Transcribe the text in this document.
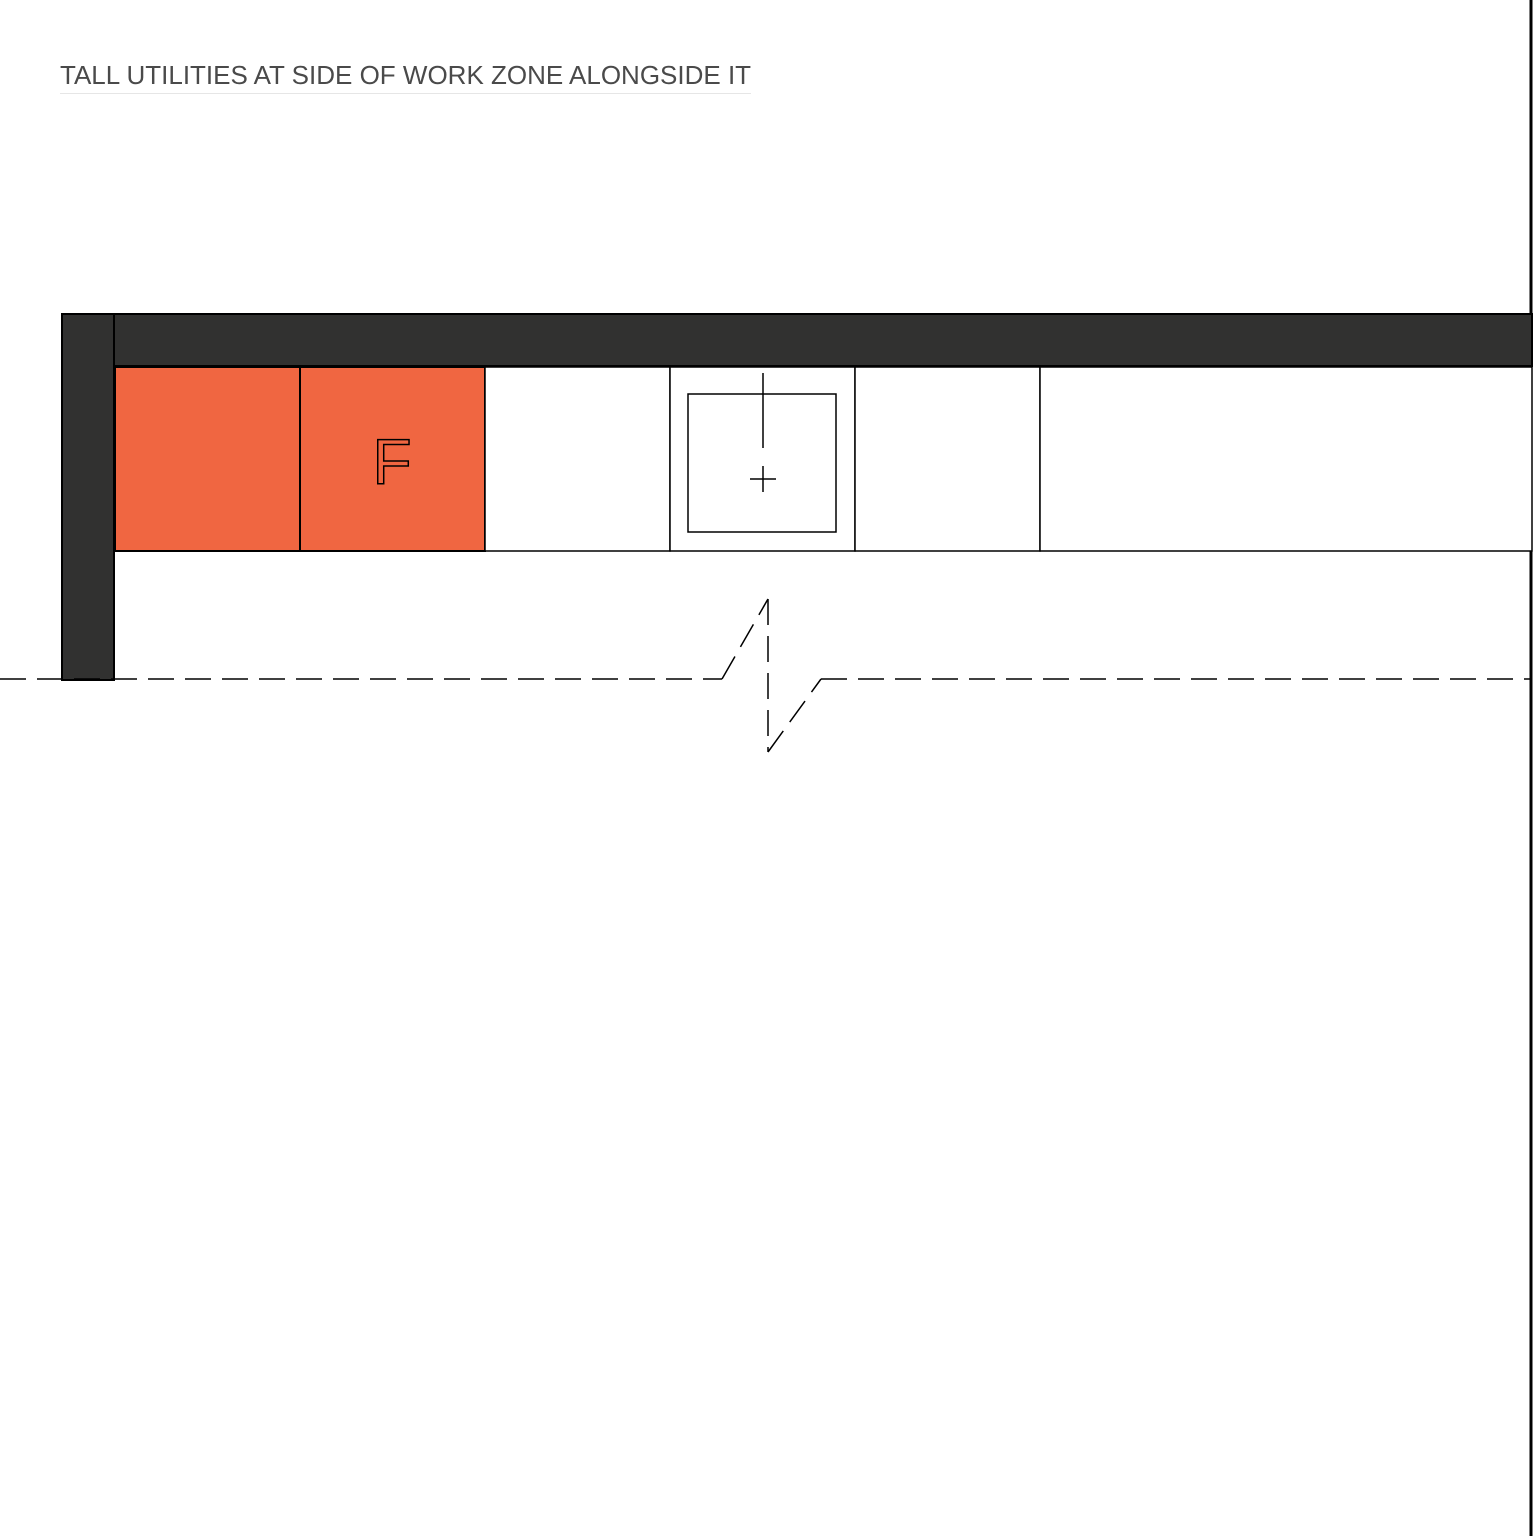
TALL UTILITIES AT SIDE OF WORK ZONE ALONGSIDE IT
F
